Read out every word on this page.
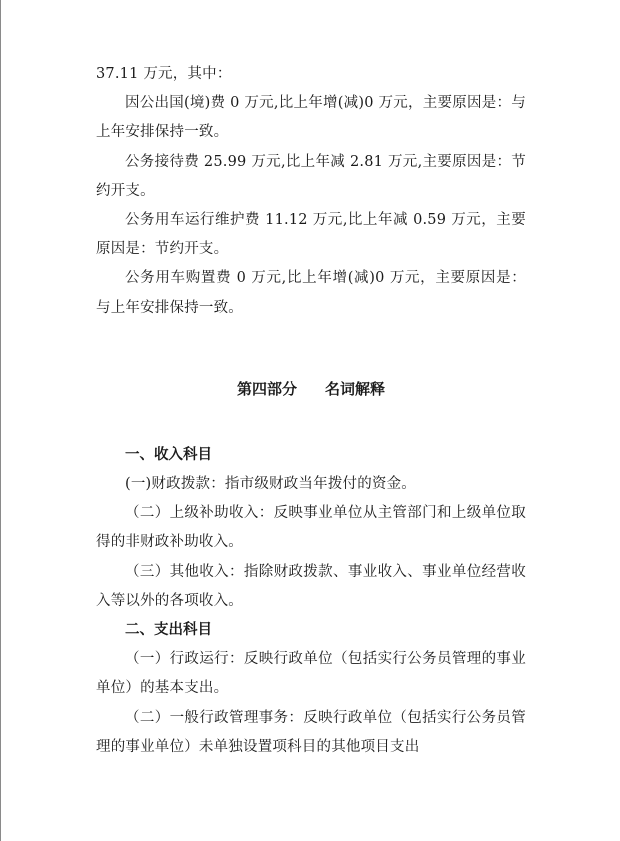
37.11 万元，其中：

因公出国(境)费 0 万元,比上年增(减)0 万元，主要原因是：与上年安排保持一致。

公务接待费 25.99 万元,比上年减 2.81 万元,主要原因是：节约开支。

公务用车运行维护费 11.12 万元,比上年减 0.59 万元，主要原因是：节约开支。

公务用车购置费 0 万元,比上年增(减)0 万元，主要原因是：与上年安排保持一致。

第四部分 名词解释

一、收入科目

(一)财政拨款：指市级财政当年拨付的资金。

（二）上级补助收入：反映事业单位从主管部门和上级单位取得的非财政补助收入。

（三）其他收入：指除财政拨款、事业收入、事业单位经营收入等以外的各项收入。

二、支出科目

（一）行政运行：反映行政单位（包括实行公务员管理的事业单位）的基本支出。

（二）一般行政管理事务：反映行政单位（包括实行公务员管理的事业单位）未单独设置项科目的其他项目支出
